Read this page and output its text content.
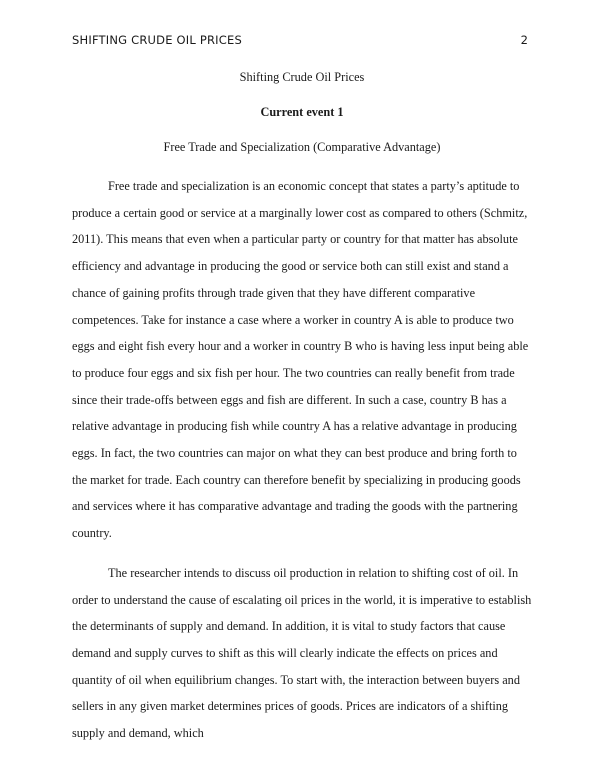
SHIFTING CRUDE OIL PRICES	2
Shifting Crude Oil Prices
Current event 1
Free Trade and Specialization (Comparative Advantage)

Free trade and specialization is an economic concept that states a party’s aptitude to produce a certain good or service at a marginally lower cost as compared to others (Schmitz, 2011). This means that even when a particular party or country for that matter has absolute efficiency and advantage in producing the good or service both can still exist and stand a chance of gaining profits through trade given that they have different comparative competences. Take for instance a case where a worker in country A is able to produce two eggs and eight fish every hour and a worker in country B who is having less input being able to produce four eggs and six fish per hour. The two countries can really benefit from trade since their trade-offs between eggs and fish are different. In such a case, country B has a relative advantage in producing fish while country A has a relative advantage in producing eggs. In fact, the two countries can major on what they can best produce and bring forth to the market for trade. Each country can therefore benefit by specializing in producing goods and services where it has comparative advantage and trading the goods with the partnering country.

The researcher intends to discuss oil production in relation to shifting cost of oil. In order to understand the cause of escalating oil prices in the world, it is imperative to establish the determinants of supply and demand. In addition, it is vital to study factors that cause demand and supply curves to shift as this will clearly indicate the effects on prices and quantity of oil when equilibrium changes. To start with, the interaction between buyers and sellers in any given market determines prices of goods. Prices are indicators of a shifting supply and demand, which
